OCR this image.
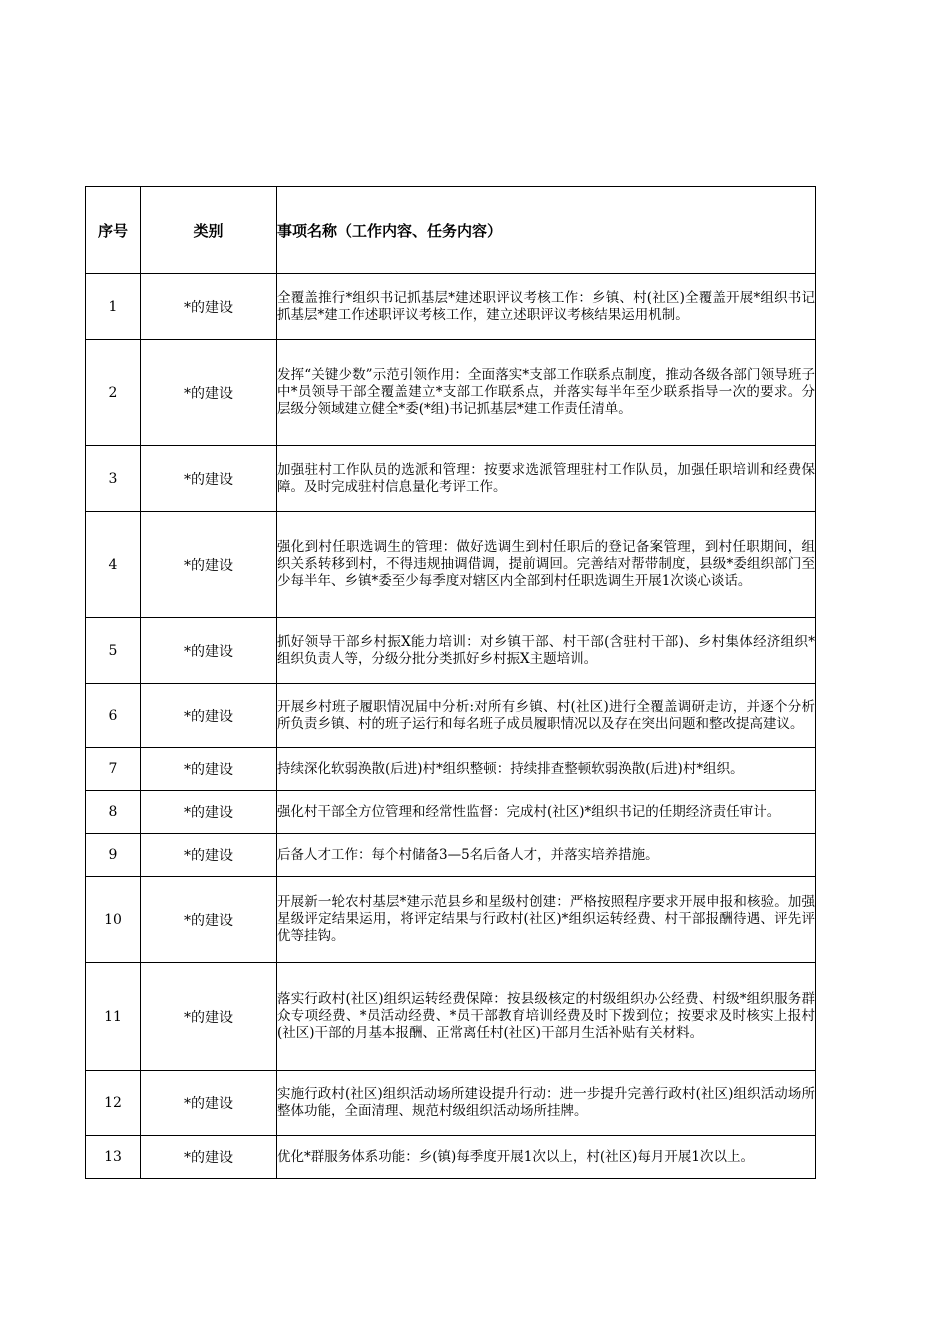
序号	类别	事项名称（工作内容、任务内容）
1	*的建设	全覆盖推行*组织书记抓基层*建述职评议考核工作：乡镇、村(社区)全覆盖开展*组织书记抓基层*建工作述职评议考核工作，建立述职评议考核结果运用机制。
2	*的建设	发挥“关键少数”示范引领作用：全面落实*支部工作联系点制度，推动各级各部门领导班子中*员领导干部全覆盖建立*支部工作联系点，并落实每半年至少联系指导一次的要求。分层级分领域建立健全*委(*组)书记抓基层*建工作责任清单。
3	*的建设	加强驻村工作队员的选派和管理：按要求选派管理驻村工作队员，加强任职培训和经费保障。及时完成驻村信息量化考评工作。
4	*的建设	强化到村任职选调生的管理：做好选调生到村任职后的登记备案管理，到村任职期间，组织关系转移到村，不得违规抽调借调，提前调回。完善结对帮带制度，县级*委组织部门至少每半年、乡镇*委至少每季度对辖区内全部到村任职选调生开展1次谈心谈话。
5	*的建设	抓好领导干部乡村振X能力培训：对乡镇干部、村干部(含驻村干部)、乡村集体经济组织*组织负责人等，分级分批分类抓好乡村振X主题培训。
6	*的建设	开展乡村班子履职情况届中分析:对所有乡镇、村(社区)进行全覆盖调研走访，并逐个分析所负责乡镇、村的班子运行和每名班子成员履职情况以及存在突出问题和整改提高建议。
7	*的建设	持续深化软弱涣散(后进)村*组织整顿：持续排查整顿软弱涣散(后进)村*组织。
8	*的建设	强化村干部全方位管理和经常性监督：完成村(社区)*组织书记的任期经济责任审计。
9	*的建设	后备人才工作：每个村储备3—5名后备人才，并落实培养措施。
10	*的建设	开展新一轮农村基层*建示范县乡和星级村创建：严格按照程序要求开展申报和核验。加强星级评定结果运用，将评定结果与行政村(社区)*组织运转经费、村干部报酬待遇、评先评优等挂钩。
11	*的建设	落实行政村(社区)组织运转经费保障：按县级核定的村级组织办公经费、村级*组织服务群众专项经费、*员活动经费、*员干部教育培训经费及时下拨到位；按要求及时核实上报村(社区)干部的月基本报酬、正常离任村(社区)干部月生活补贴有关材料。
12	*的建设	实施行政村(社区)组织活动场所建设提升行动：进一步提升完善行政村(社区)组织活动场所整体功能，全面清理、规范村级组织活动场所挂牌。
13	*的建设	优化*群服务体系功能：乡(镇)每季度开展1次以上，村(社区)每月开展1次以上。
